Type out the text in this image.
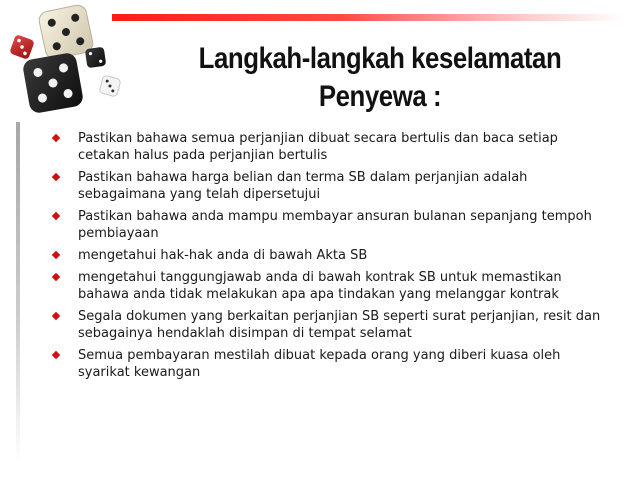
Langkah-langkah keselamatan
Penyewa :
Pastikan bahawa semua perjanjian dibuat secara bertulis dan baca setiap cetakan halus pada perjanjian bertulis
Pastikan bahawa harga belian dan terma SB dalam perjanjian adalah sebagaimana yang telah dipersetujui
Pastikan bahawa anda mampu membayar ansuran bulanan sepanjang tempoh pembiayaan
mengetahui hak-hak anda di bawah Akta SB
mengetahui tanggungjawab anda di bawah kontrak SB untuk memastikan bahawa anda tidak melakukan apa apa tindakan yang melanggar kontrak
Segala dokumen yang berkaitan perjanjian SB seperti surat perjanjian, resit dan sebagainya hendaklah disimpan di tempat selamat
Semua pembayaran mestilah dibuat kepada orang yang diberi kuasa oleh syarikat kewangan
